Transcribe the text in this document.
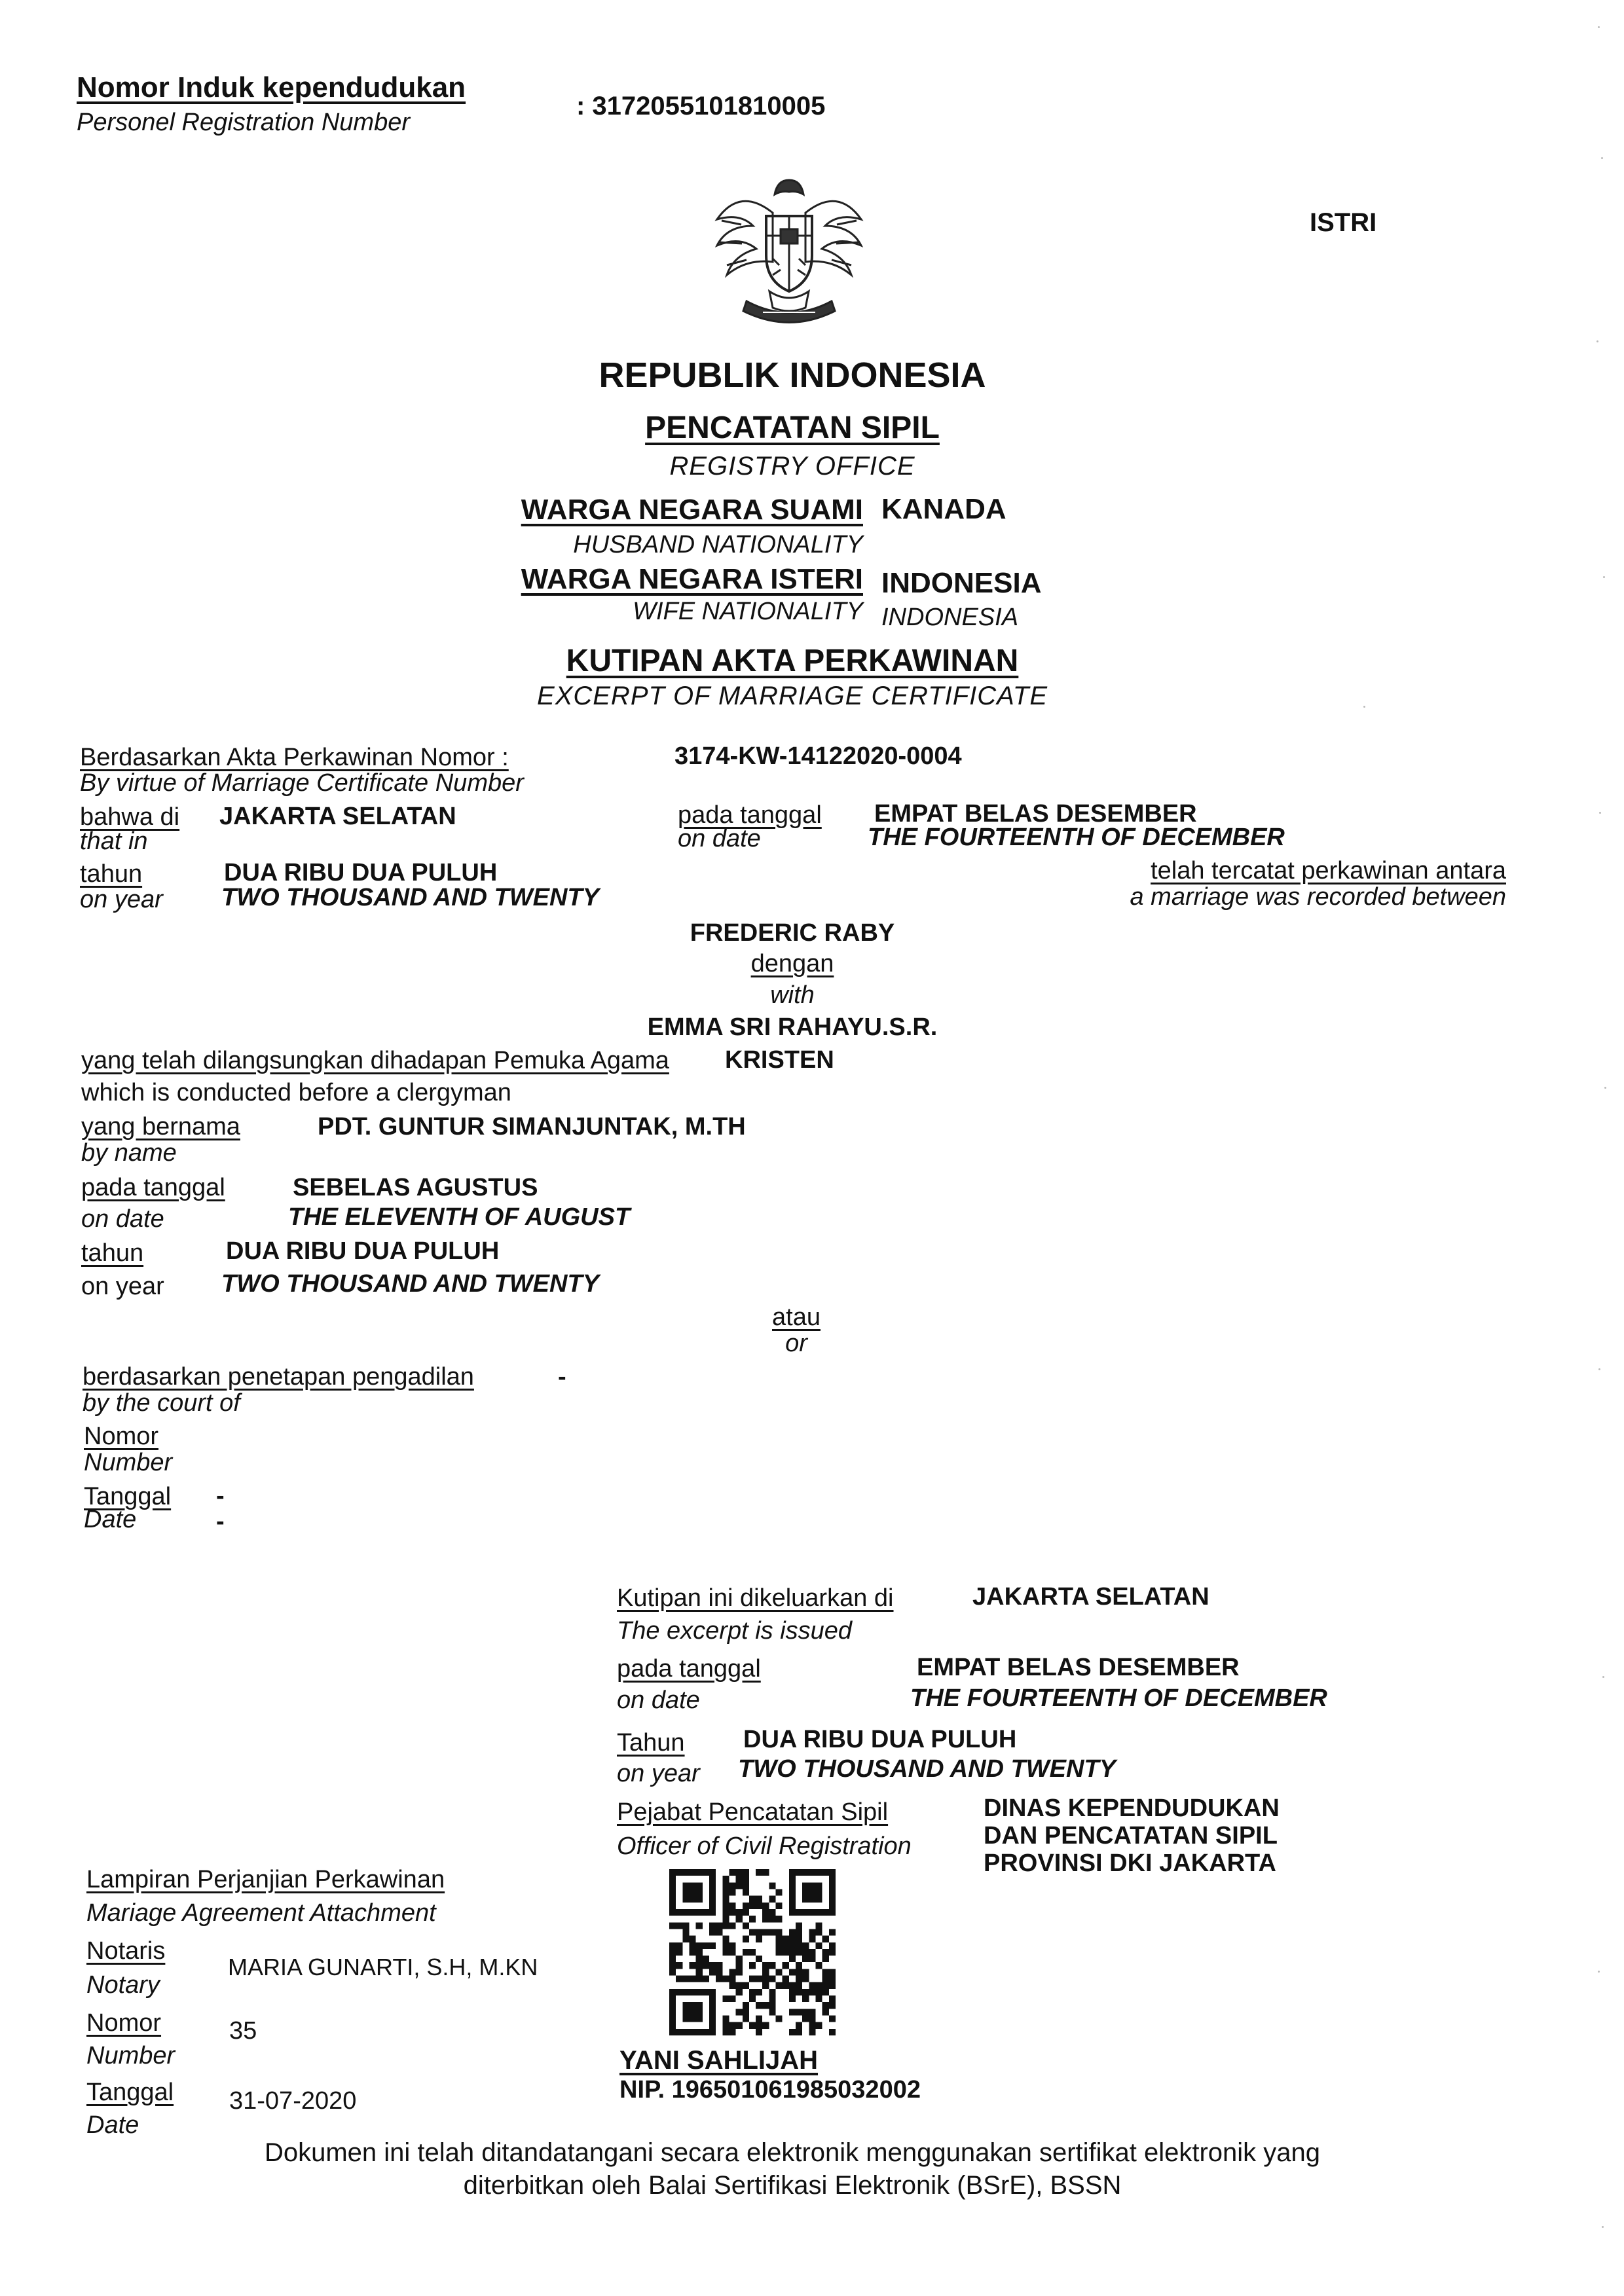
Nomor Induk kependudukan
Personel Registration Number
: 3172055101810005
ISTRI
REPUBLIK INDONESIA
PENCATATAN SIPIL
REGISTRY OFFICE
WARGA NEGARA SUAMI KANADA
HUSBAND NATIONALITY
WARGA NEGARA ISTERI INDONESIA
WIFE NATIONALITY INDONESIA
KUTIPAN AKTA PERKAWINAN
EXCERPT OF MARRIAGE CERTIFICATE
Berdasarkan Akta Perkawinan Nomor :
By virtue of Marriage Certificate Number
3174-KW-14122020-0004
bahwa di
that in
JAKARTA SELATAN	pada tanggal
on date
EMPAT BELAS DESEMBER
THE FOURTEENTH OF DECEMBER
tahun
on year
DUA RIBU DUA PULUH
TWO THOUSAND AND TWENTY
telah tercatat perkawinan antara
a marriage was recorded between
FREDERIC RABY
dengan
with
EMMA SRI RAHAYU.S.R.
yang telah dilangsungkan dihadapan Pemuka Agama KRISTEN
which is conducted before a clergyman
yang bernama
by name
PDT. GUNTUR SIMANJUNTAK, M.TH
pada tanggal
on date
SEBELAS AGUSTUS
THE ELEVENTH OF AUGUST
tahun
on year
DUA RIBU DUA PULUH
TWO THOUSAND AND TWENTY
atau
or
berdasarkan penetapan pengadilan	-
by the court of
Nomor
Number
Tanggal
Date
-
-
Kutipan ini dikeluarkan di
The excerpt is issued
JAKARTA SELATAN
pada tanggal
on date
EMPAT BELAS DESEMBER
THE FOURTEENTH OF DECEMBER
Tahun
on year
DUA RIBU DUA PULUH
TWO THOUSAND AND TWENTY
Pejabat Pencatatan Sipil
Officer of Civil Registration
DINAS KEPENDUDUKAN
DAN PENCATATAN SIPIL
PROVINSI DKI JAKARTA
YANI SAHLIJAH
NIP. 196501061985032002
Lampiran Perjanjian Perkawinan
Mariage Agreement Attachment
Notaris
Notary
MARIA GUNARTI, S.H, M.KN
Nomor
Number
35
Tanggal
Date
31-07-2020
Dokumen ini telah ditandatangani secara elektronik menggunakan sertifikat elektronik yang
diterbitkan oleh Balai Sertifikasi Elektronik (BSrE), BSSN
